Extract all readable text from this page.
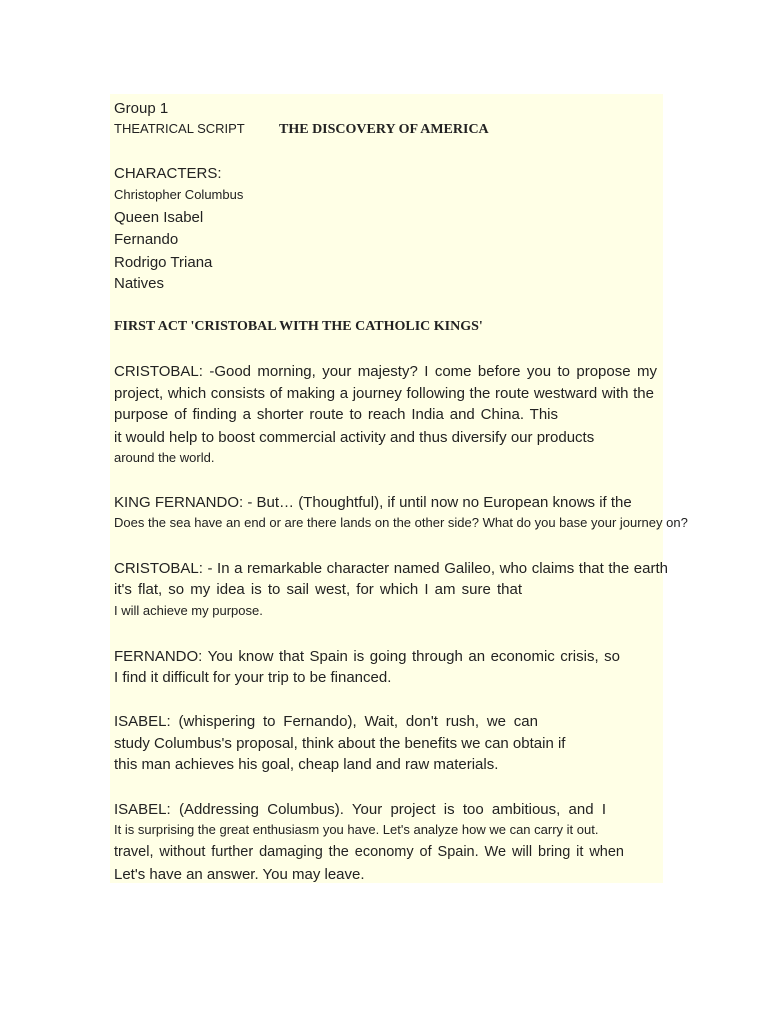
Group 1
THEATRICAL SCRIPT THE DISCOVERY OF AMERICA
CHARACTERS:
Christopher Columbus
Queen Isabel
Fernando
Rodrigo Triana
Natives
FIRST ACT 'CRISTOBAL WITH THE CATHOLIC KINGS'
CRISTOBAL: -Good morning, your majesty? I come before you to propose my
project, which consists of making a journey following the route westward with the
purpose of finding a shorter route to reach India and China. This
it would help to boost commercial activity and thus diversify our products
around the world.
KING FERNANDO: - But… (Thoughtful), if until now no European knows if the
Does the sea have an end or are there lands on the other side? What do you base your journey on?
CRISTOBAL: - In a remarkable character named Galileo, who claims that the earth
it's flat, so my idea is to sail west, for which I am sure that
I will achieve my purpose.
FERNANDO: You know that Spain is going through an economic crisis, so
I find it difficult for your trip to be financed.
ISABEL: (whispering to Fernando), Wait, don't rush, we can
study Columbus's proposal, think about the benefits we can obtain if
this man achieves his goal, cheap land and raw materials.
ISABEL: (Addressing Columbus). Your project is too ambitious, and I
It is surprising the great enthusiasm you have. Let's analyze how we can carry it out.
travel, without further damaging the economy of Spain. We will bring it when
Let's have an answer. You may leave.
